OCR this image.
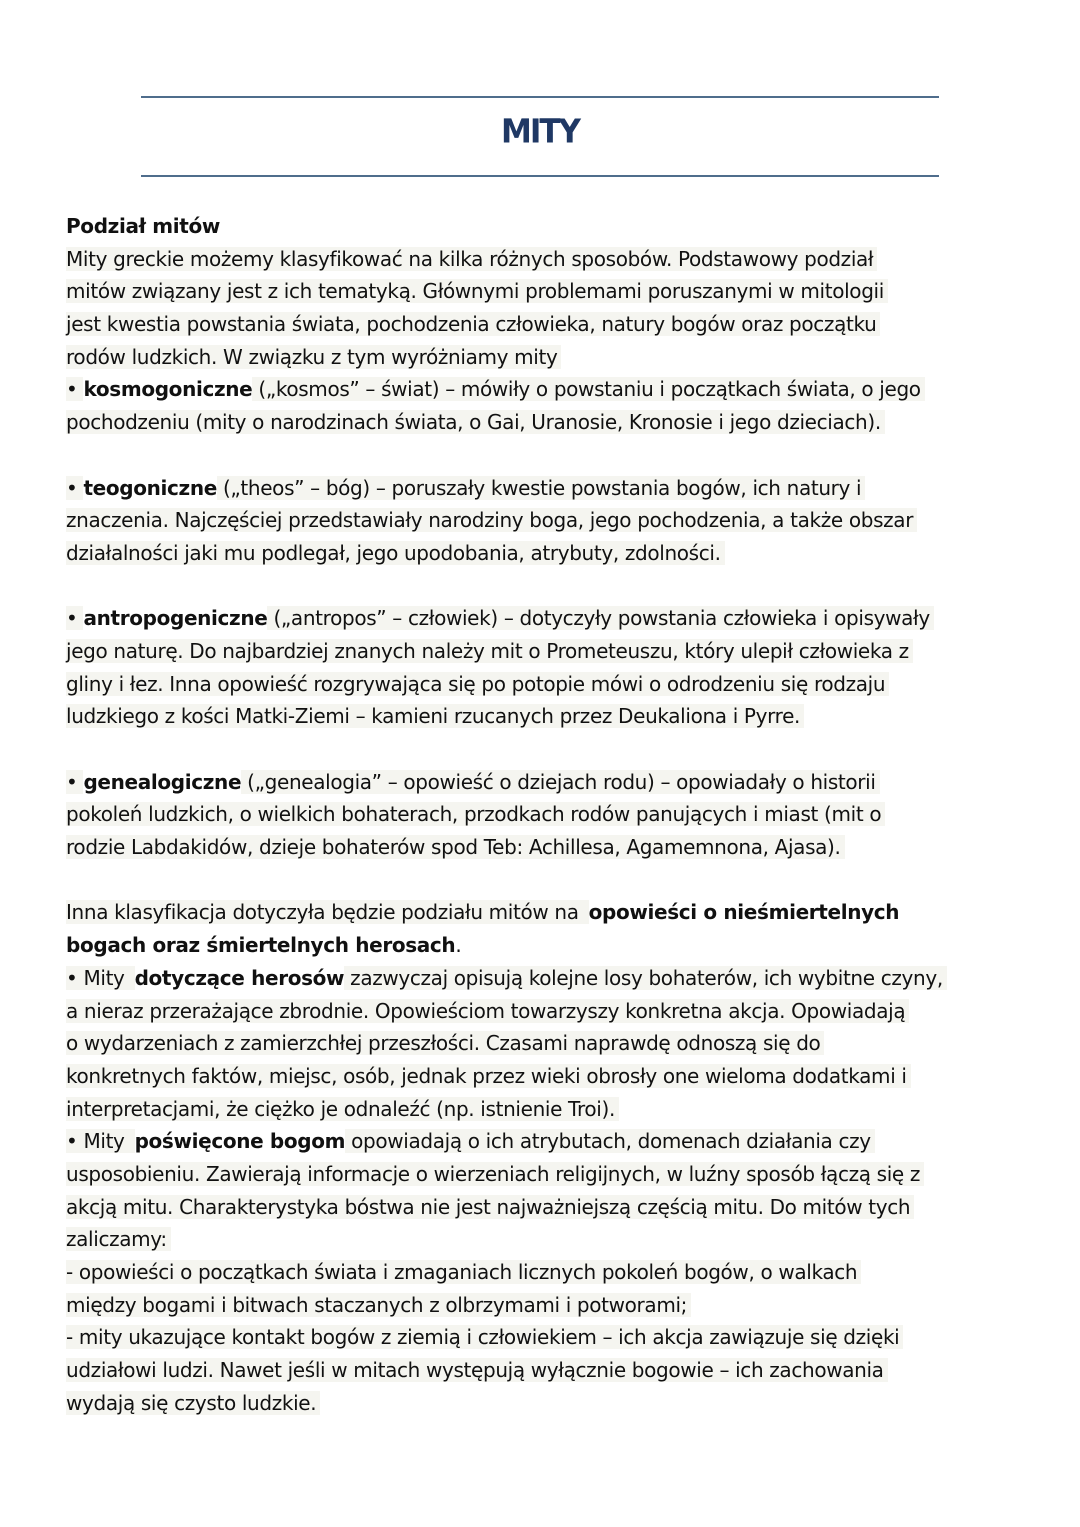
MITY
Podział mitów
Mity greckie możemy klasyfikować na kilka różnych sposobów. Podstawowy podział
mitów związany jest z ich tematyką. Głównymi problemami poruszanymi w mitologii
jest kwestia powstania świata, pochodzenia człowieka, natury bogów oraz początku
rodów ludzkich. W związku z tym wyróżniamy mity
• kosmogoniczne („kosmos” – świat) – mówiły o powstaniu i początkach świata, o jego
pochodzeniu (mity o narodzinach świata, o Gai, Uranosie, Kronosie i jego dzieciach).
• teogoniczne („theos” – bóg) – poruszały kwestie powstania bogów, ich natury i
znaczenia. Najczęściej przedstawiały narodziny boga, jego pochodzenia, a także obszar
działalności jaki mu podlegał, jego upodobania, atrybuty, zdolności.
• antropogeniczne („antropos” – człowiek) – dotyczyły powstania człowieka i opisywały
jego naturę. Do najbardziej znanych należy mit o Prometeuszu, który ulepił człowieka z
gliny i łez. Inna opowieść rozgrywająca się po potopie mówi o odrodzeniu się rodzaju
ludzkiego z kości Matki-Ziemi – kamieni rzucanych przez Deukaliona i Pyrre.
• genealogiczne („genealogia” – opowieść o dziejach rodu) – opowiadały o historii
pokoleń ludzkich, o wielkich bohaterach, przodkach rodów panujących i miast (mit o
rodzie Labdakidów, dzieje bohaterów spod Teb: Achillesa, Agamemnona, Ajasa).
Inna klasyfikacja dotyczyła będzie podziału mitów na opowieści o nieśmiertelnych
bogach oraz śmiertelnych herosach.
• Mity dotyczące herosów zazwyczaj opisują kolejne losy bohaterów, ich wybitne czyny,
a nieraz przerażające zbrodnie. Opowieściom towarzyszy konkretna akcja. Opowiadają
o wydarzeniach z zamierzchłej przeszłości. Czasami naprawdę odnoszą się do
konkretnych faktów, miejsc, osób, jednak przez wieki obrosły one wieloma dodatkami i
interpretacjami, że ciężko je odnaleźć (np. istnienie Troi).
• Mity poświęcone bogom opowiadają o ich atrybutach, domenach działania czy
usposobieniu. Zawierają informacje o wierzeniach religijnych, w luźny sposób łączą się z
akcją mitu. Charakterystyka bóstwa nie jest najważniejszą częścią mitu. Do mitów tych
zaliczamy:
- opowieści o początkach świata i zmaganiach licznych pokoleń bogów, o walkach
między bogami i bitwach staczanych z olbrzymami i potworami;
- mity ukazujące kontakt bogów z ziemią i człowiekiem – ich akcja zawiązuje się dzięki
udziałowi ludzi. Nawet jeśli w mitach występują wyłącznie bogowie – ich zachowania
wydają się czysto ludzkie.
